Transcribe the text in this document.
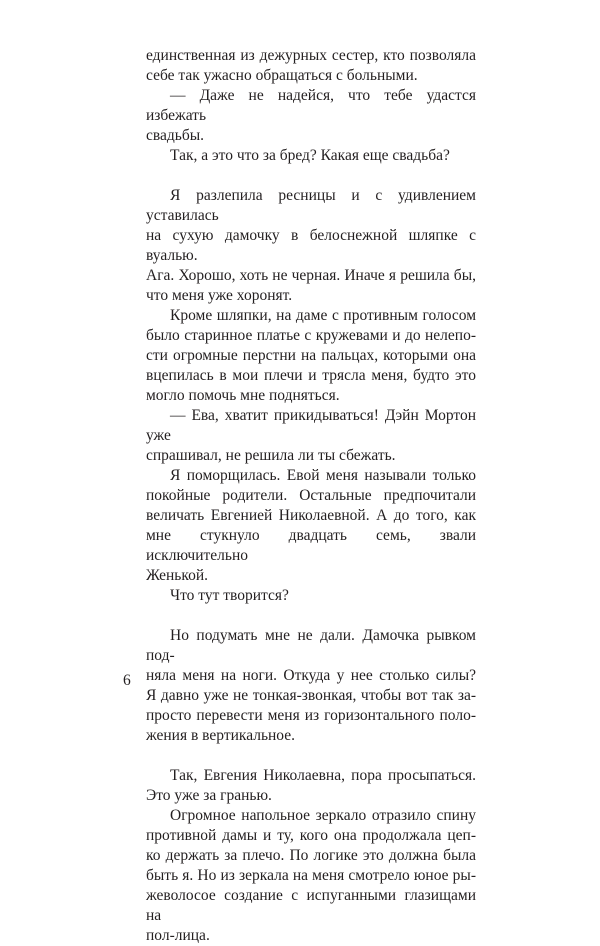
единственная из дежурных сестер, кто позволяла
себе так ужасно обращаться с больными.
— Даже не надейся, что тебе удастся избежать
свадьбы.
Так, а это что за бред? Какая еще свадьба?
Я разлепила ресницы и с удивлением уставилась
на сухую дамочку в белоснежной шляпке с вуалью.
Ага. Хорошо, хоть не черная. Иначе я решила бы,
что меня уже хоронят.
Кроме шляпки, на даме с противным голосом
было старинное платье с кружевами и до нелепо-
сти огромные перстни на пальцах, которыми она
вцепилась в мои плечи и трясла меня, будто это
могло помочь мне подняться.
— Ева, хватит прикидываться! Дэйн Мортон уже
спрашивал, не решила ли ты сбежать.
Я поморщилась. Евой меня называли только
покойные родители. Остальные предпочитали
величать Евгенией Николаевной. А до того, как
мне стукнуло двадцать семь, звали исключительно
Женькой.
Что тут творится?
Но подумать мне не дали. Дамочка рывком под-
няла меня на ноги. Откуда у нее столько силы?
Я давно уже не тонкая-звонкая, чтобы вот так за-
просто перевести меня из горизонтального поло-
жения в вертикальное.
Так, Евгения Николаевна, пора просыпаться.
Это уже за гранью.
Огромное напольное зеркало отразило спину
противной дамы и ту, кого она продолжала цеп-
ко держать за плечо. По логике это должна была
быть я. Но из зеркала на меня смотрело юное ры-
жеволосое создание с испуганными глазищами на
пол-лица.
6
